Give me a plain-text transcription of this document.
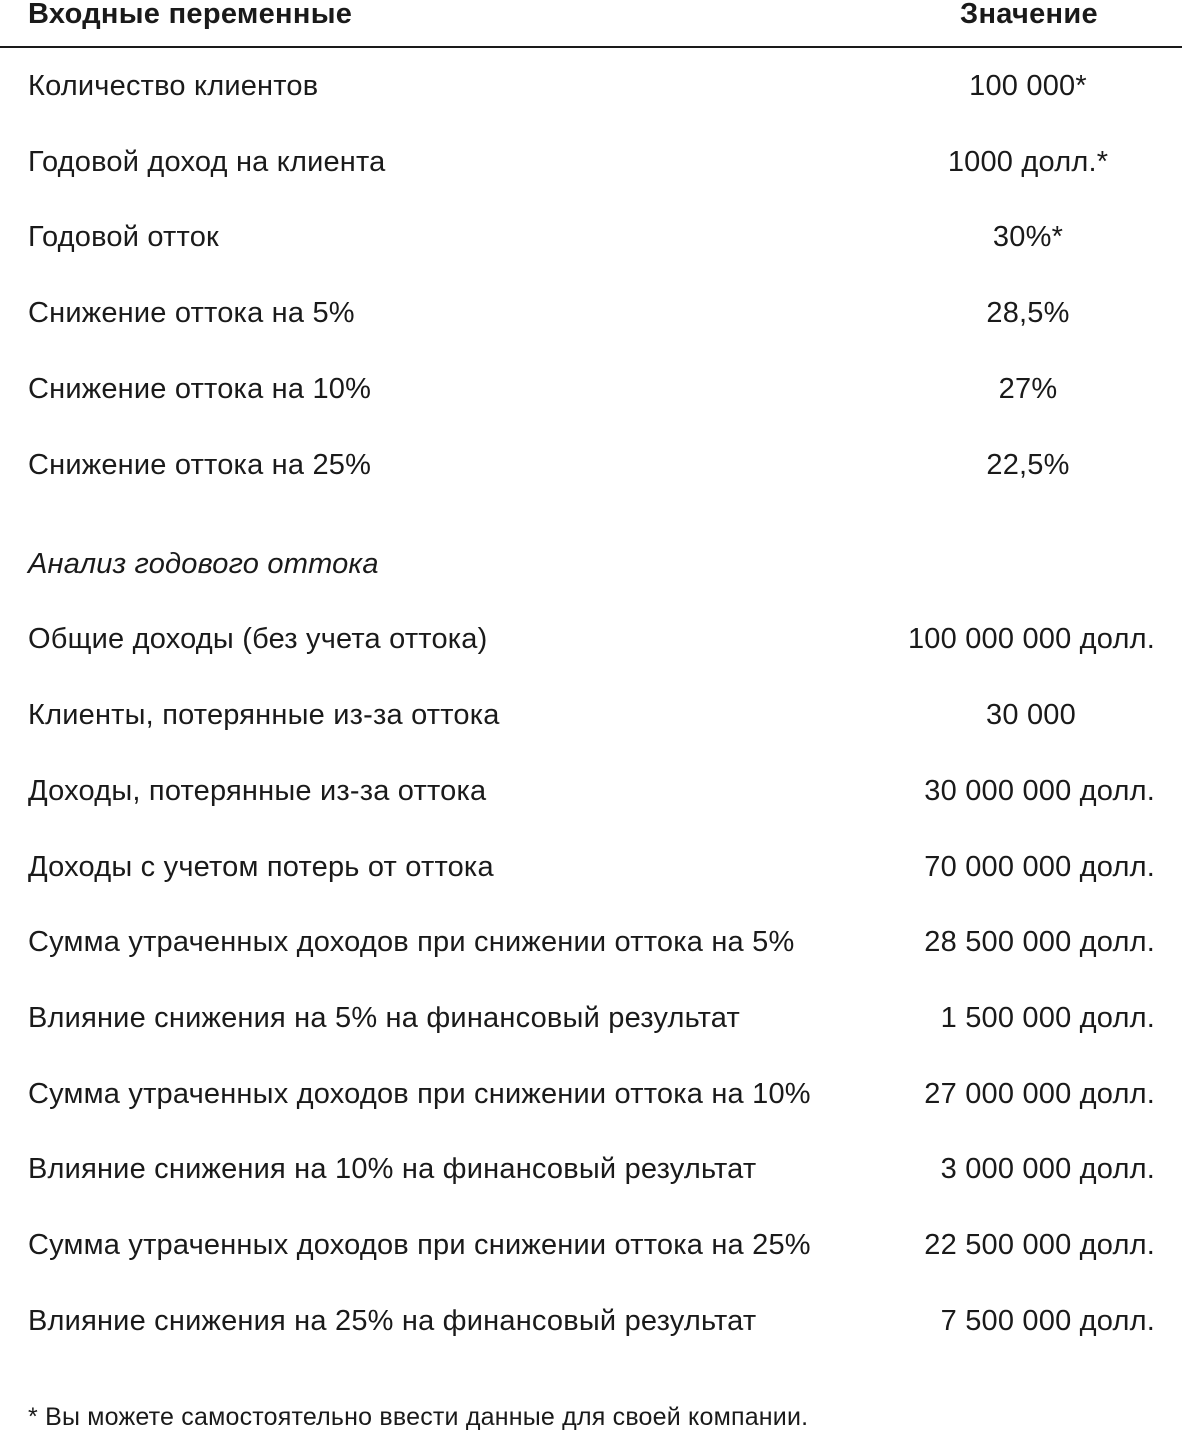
Входные переменные	Значение
Количество клиентов	100 000*
Годовой доход на клиента	1000 долл.*
Годовой отток	30%*
Снижение оттока на 5%	28,5%
Снижение оттока на 10%	27%
Снижение оттока на 25%	22,5%
Анализ годового оттока
Общие доходы (без учета оттока)	100 000 000 долл.
Клиенты, потерянные из-за оттока	30 000
Доходы, потерянные из-за оттока	30 000 000 долл.
Доходы с учетом потерь от оттока	70 000 000 долл.
Сумма утраченных доходов при снижении оттока на 5%	28 500 000 долл.
Влияние снижения на 5% на финансовый результат	1 500 000 долл.
Сумма утраченных доходов при снижении оттока на 10%	27 000 000 долл.
Влияние снижения на 10% на финансовый результат	3 000 000 долл.
Сумма утраченных доходов при снижении оттока на 25%	22 500 000 долл.
Влияние снижения на 25% на финансовый результат	7 500 000 долл.
* Вы можете самостоятельно ввести данные для своей компании.
